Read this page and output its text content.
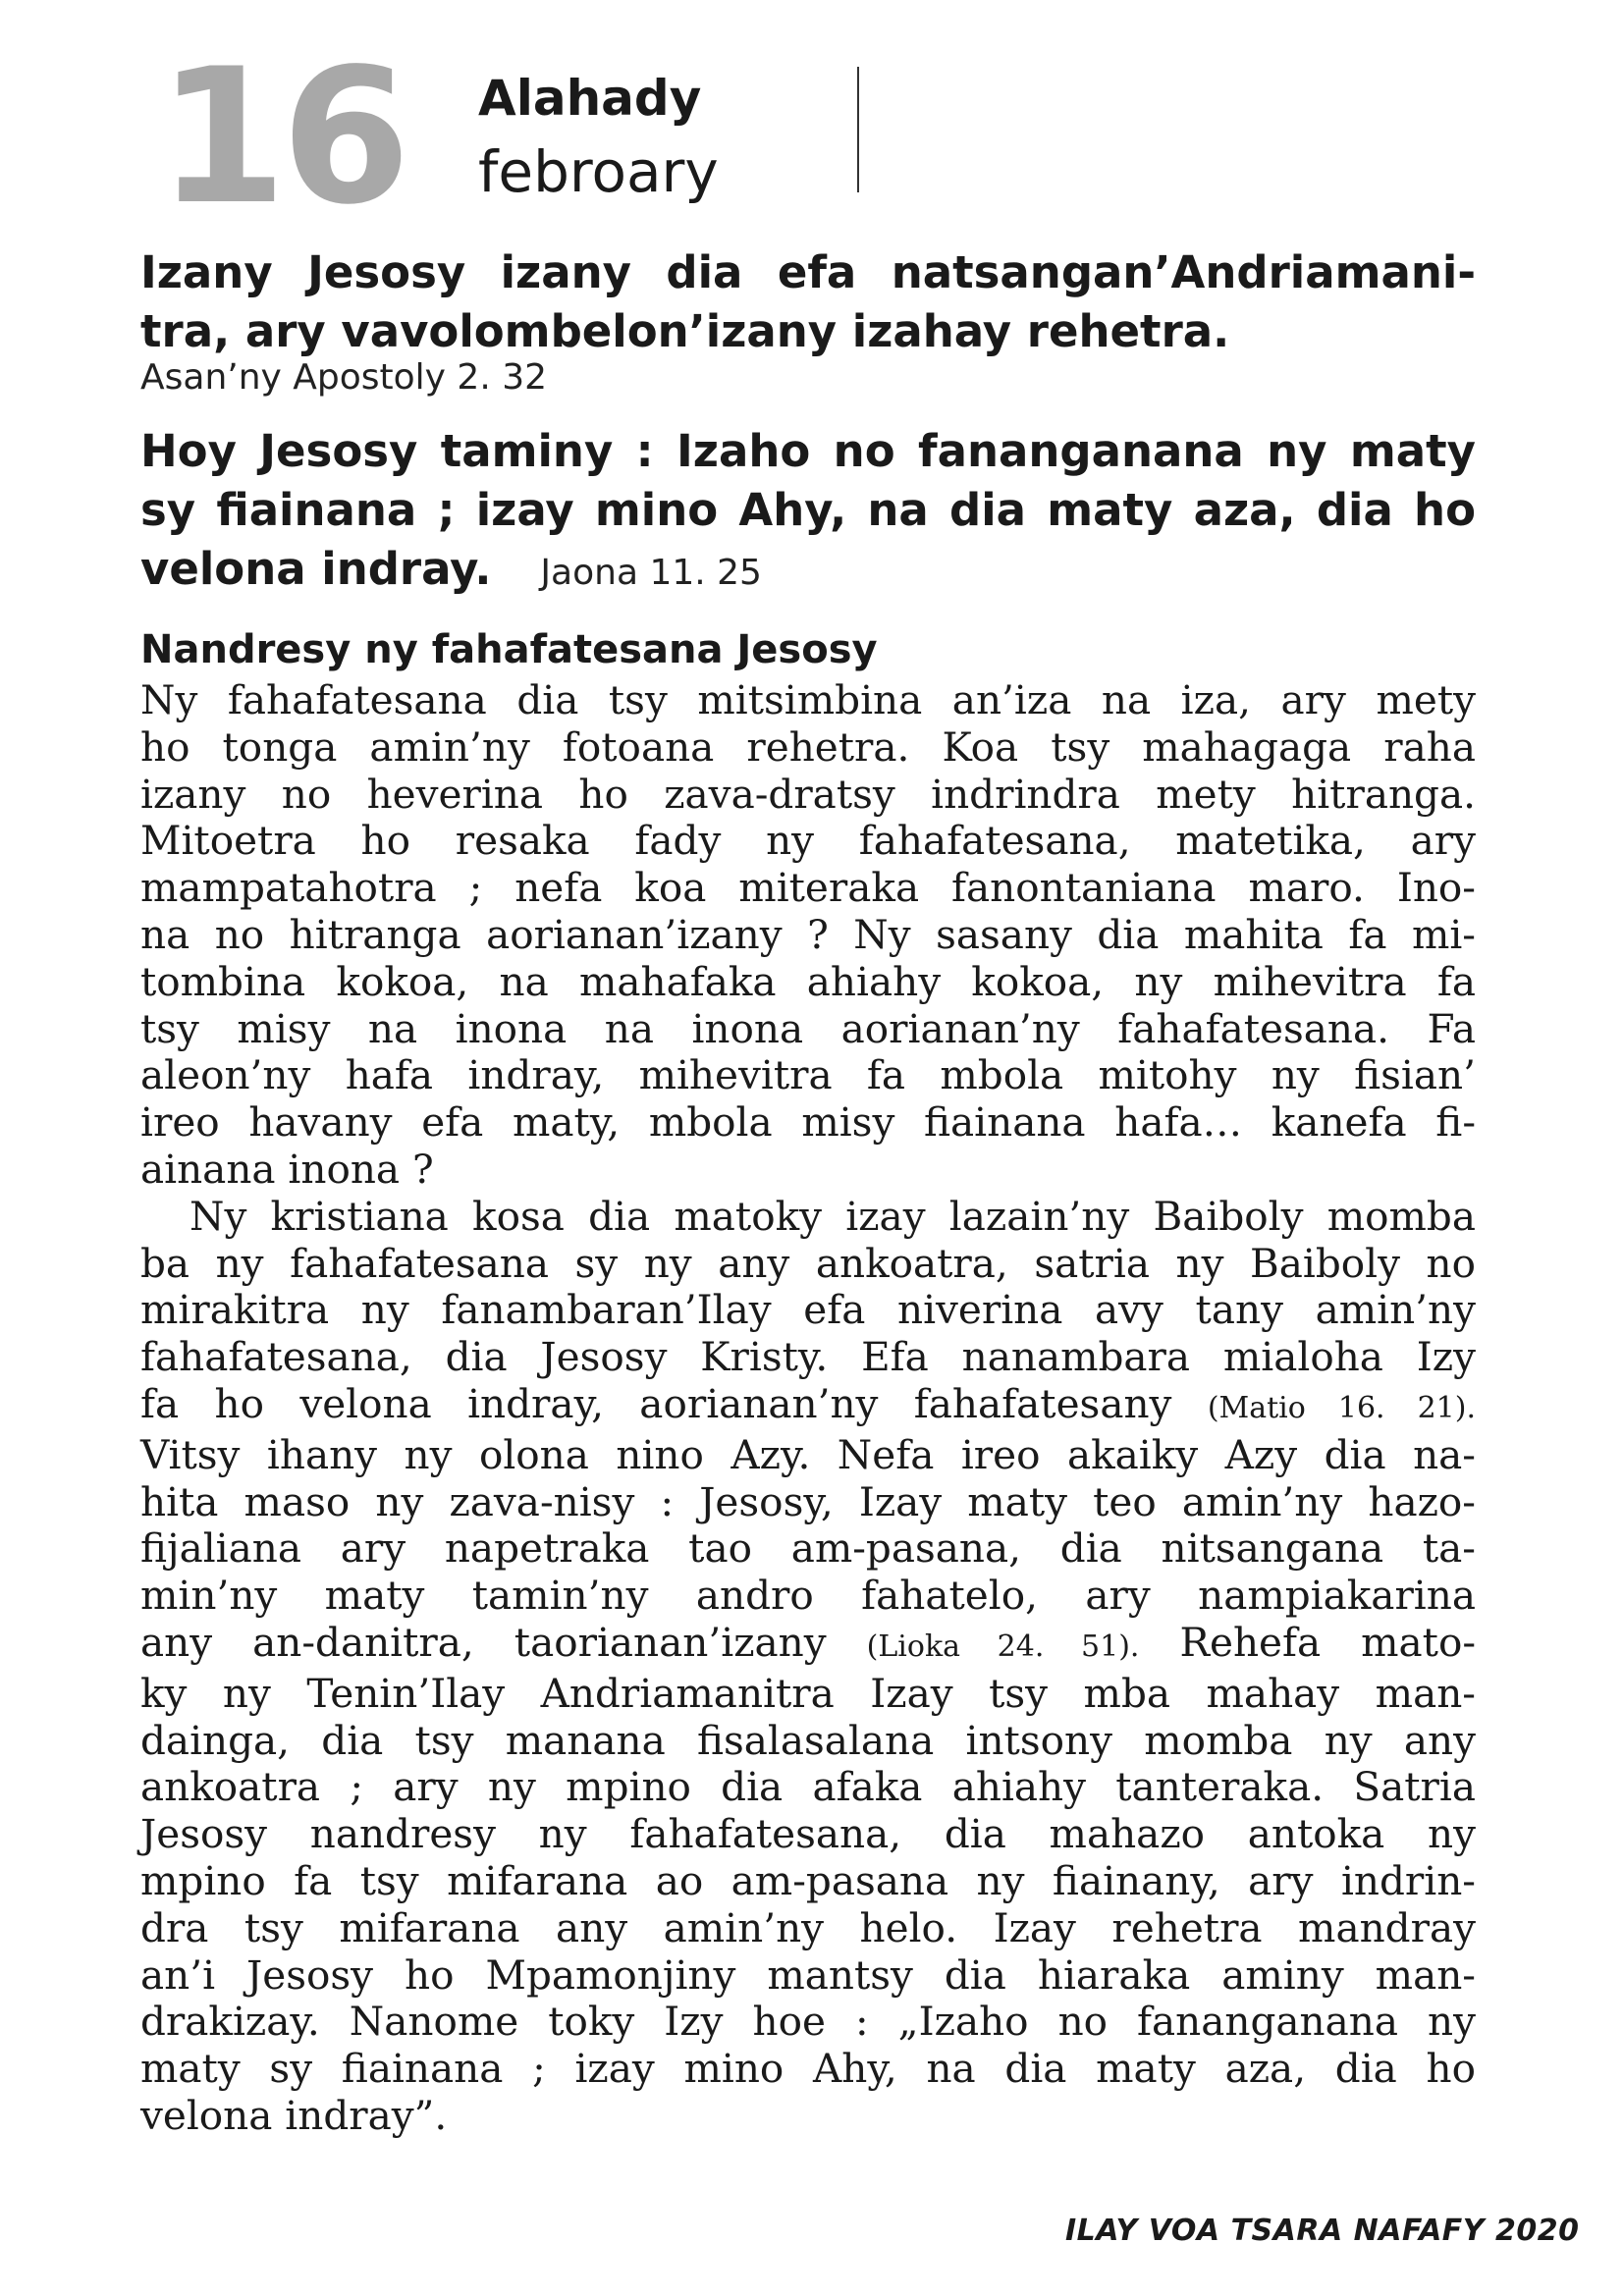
16 Alahady
febroary
Izany Jesosy izany dia efa natsangan’Andriamani-
tra, ary vavolombelon’izany izahay rehetra.
Asan’ny Apostoly 2. 32
Hoy Jesosy taminy : Izaho no fananganana ny maty
sy fiainana ; izay mino Ahy, na dia maty aza, dia ho
velona indray. Jaona 11. 25
Nandresy ny fahafatesana Jesosy
Ny fahafatesana dia tsy mitsimbina an’iza na iza, ary mety
ho tonga amin’ny fotoana rehetra. Koa tsy mahagaga raha
izany no heverina ho zava-dratsy indrindra mety hitranga.
Mitoetra ho resaka fady ny fahafatesana, matetika, ary
mampatahotra ; nefa koa miteraka fanontaniana maro. Ino-
na no hitranga aorianan’izany ? Ny sasany dia mahita fa mi-
tombina kokoa, na mahafaka ahiahy kokoa, ny mihevitra fa
tsy misy na inona na inona aorianan’ny fahafatesana. Fa
aleon’ny hafa indray, mihevitra fa mbola mitohy ny fisian’
ireo havany efa maty, mbola misy fiainana hafa… kanefa fi-
ainana inona ?
Ny kristiana kosa dia matoky izay lazain’ny Baiboly momba
ba ny fahafatesana sy ny any ankoatra, satria ny Baiboly no
mirakitra ny fanambaran’Ilay efa niverina avy tany amin’ny
fahafatesana, dia Jesosy Kristy. Efa nanambara mialoha Izy
fa ho velona indray, aorianan’ny fahafatesany (Matio 16. 21).
Vitsy ihany ny olona nino Azy. Nefa ireo akaiky Azy dia na-
hita maso ny zava-nisy : Jesosy, Izay maty teo amin’ny hazo-
fijaliana ary napetraka tao am-pasana, dia nitsangana ta-
min’ny maty tamin’ny andro fahatelo, ary nampiakarina
any an-danitra, taorianan’izany (Lioka 24. 51). Rehefa mato-
ky ny Tenin’Ilay Andriamanitra Izay tsy mba mahay man-
dainga, dia tsy manana fisalasalana intsony momba ny any
ankoatra ; ary ny mpino dia afaka ahiahy tanteraka. Satria
Jesosy nandresy ny fahafatesana, dia mahazo antoka ny
mpino fa tsy mifarana ao am-pasana ny fiainany, ary indrin-
dra tsy mifarana any amin’ny helo. Izay rehetra mandray
an’i Jesosy ho Mpamonjiny mantsy dia hiaraka aminy man-
drakizay. Nanome toky Izy hoe : „Izaho no fananganana ny
maty sy fiainana ; izay mino Ahy, na dia maty aza, dia ho
velona indray”.
ILAY VOA TSARA NAFAFY 2020
